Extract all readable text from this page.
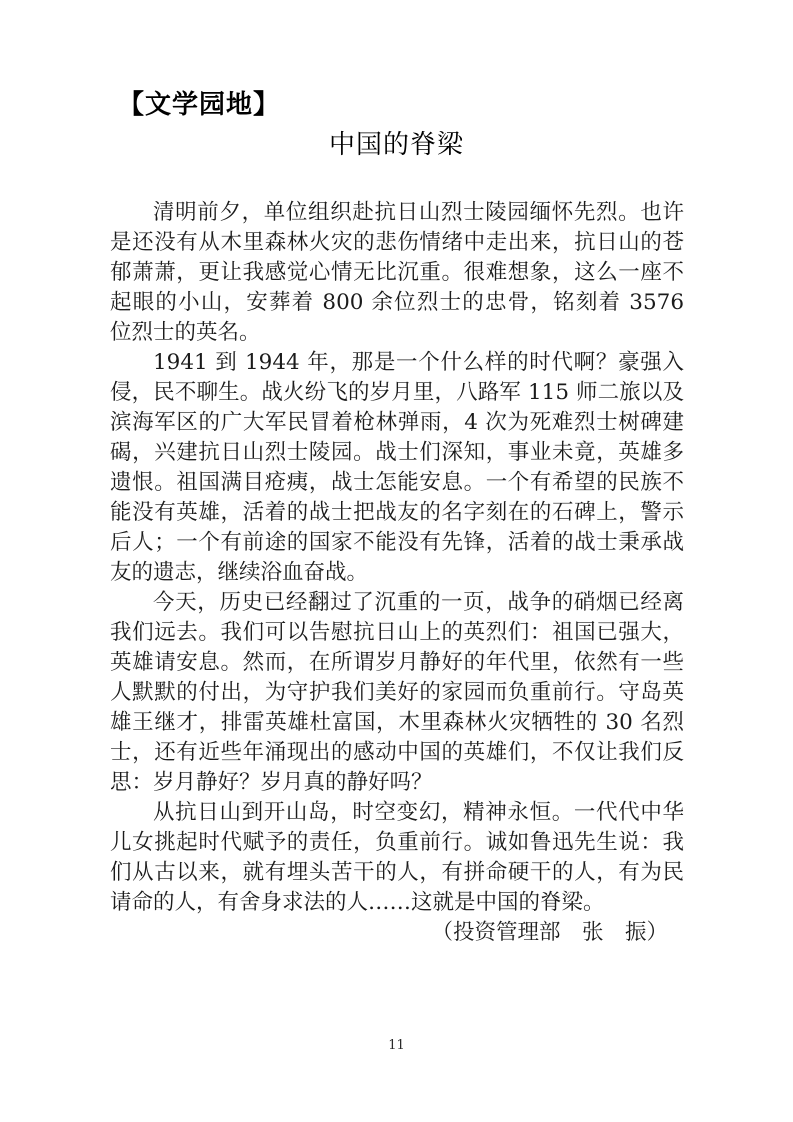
【文学园地】
中国的脊梁

清明前夕，单位组织赴抗日山烈士陵园缅怀先烈。也许是还没有从木里森林火灾的悲伤情绪中走出来，抗日山的苍郁萧萧，更让我感觉心情无比沉重。很难想象，这么一座不起眼的小山，安葬着 800 余位烈士的忠骨，铭刻着 3576 位烈士的英名。

1941 到 1944 年，那是一个什么样的时代啊？豪强入侵，民不聊生。战火纷飞的岁月里，八路军 115 师二旅以及滨海军区的广大军民冒着枪林弹雨，4 次为死难烈士树碑建碣，兴建抗日山烈士陵园。战士们深知，事业未竟，英雄多遗恨。祖国满目疮痍，战士怎能安息。一个有希望的民族不能没有英雄，活着的战士把战友的名字刻在的石碑上，警示后人；一个有前途的国家不能没有先锋，活着的战士秉承战友的遗志，继续浴血奋战。

今天，历史已经翻过了沉重的一页，战争的硝烟已经离我们远去。我们可以告慰抗日山上的英烈们：祖国已强大，英雄请安息。然而，在所谓岁月静好的年代里，依然有一些人默默的付出，为守护我们美好的家园而负重前行。守岛英雄王继才，排雷英雄杜富国，木里森林火灾牺牲的 30 名烈士，还有近些年涌现出的感动中国的英雄们，不仅让我们反思：岁月静好？岁月真的静好吗？

从抗日山到开山岛，时空变幻，精神永恒。一代代中华儿女挑起时代赋予的责任，负重前行。诚如鲁迅先生说：我们从古以来，就有埋头苦干的人，有拼命硬干的人，有为民请命的人，有舍身求法的人……这就是中国的脊梁。

（投资管理部　张　振）

11
